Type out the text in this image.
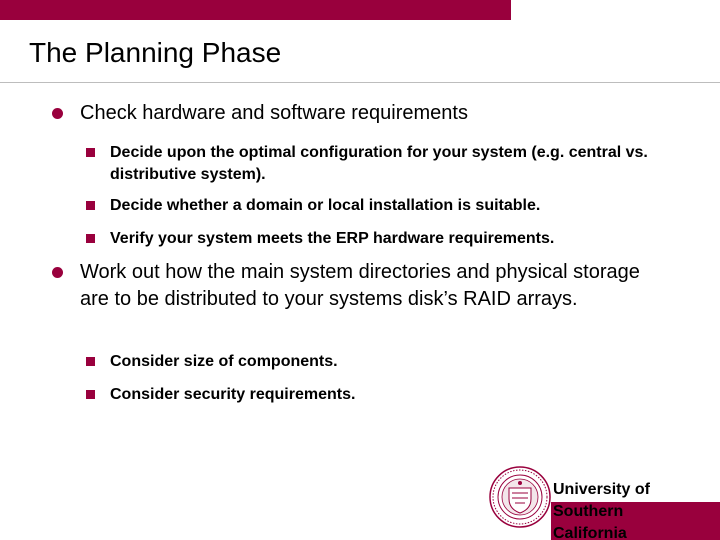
The Planning Phase
Check hardware and software requirements
Decide upon the optimal configuration for your system (e.g. central vs. distributive system).
Decide whether a domain or local installation is suitable.
Verify your system meets the ERP hardware requirements.
Work out how the main system directories and physical storage are to be distributed to your systems disk’s RAID arrays.
Consider size of components.
Consider security requirements.
University of
Southern
California
